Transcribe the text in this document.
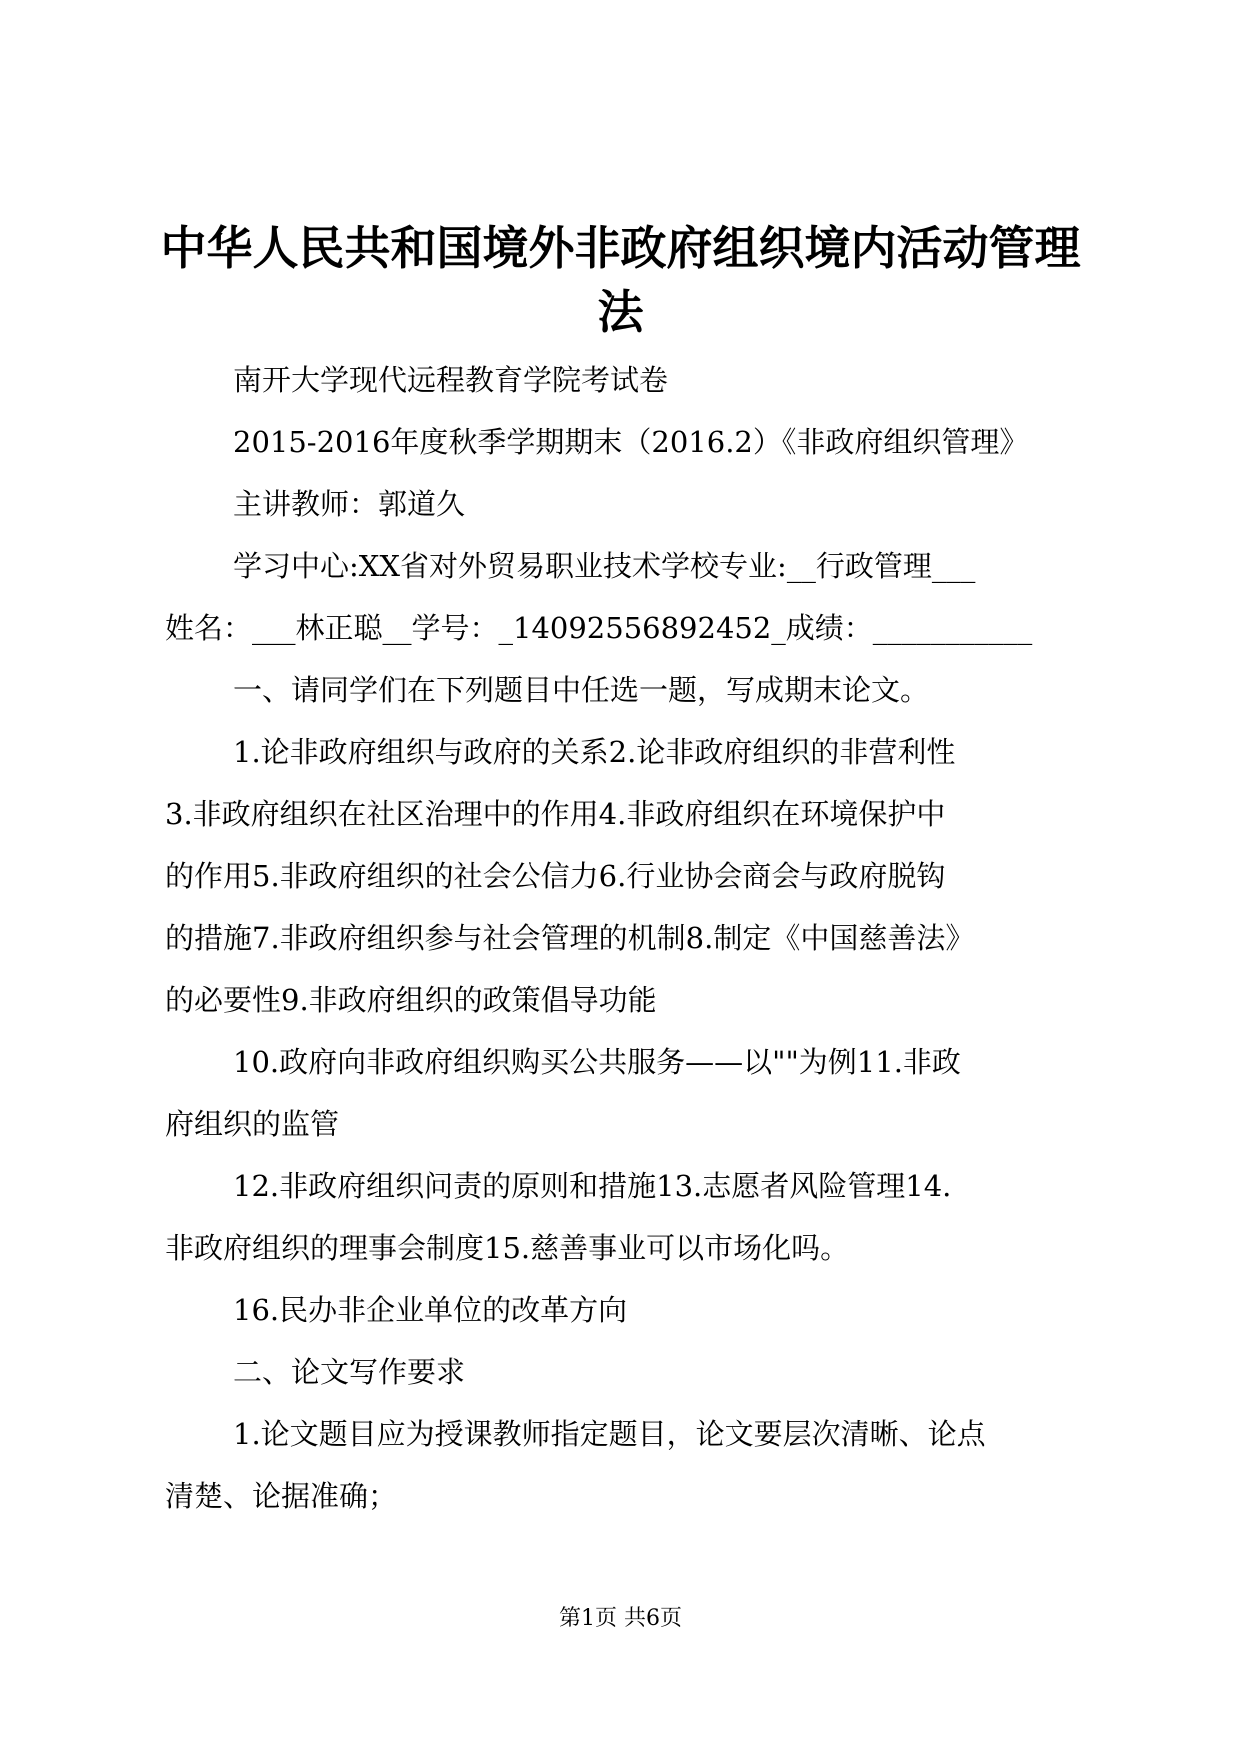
中华人民共和国境外非政府组织境内活动管理
法
南开大学现代远程教育学院考试卷
2015-2016年度秋季学期期末（2016.2）《非政府组织管理》
主讲教师：郭道久
学习中心:XX省对外贸易职业技术学校专业:__行政管理___
姓名：___林正聪__学号：_14092556892452_成绩：___________
一、请同学们在下列题目中任选一题，写成期末论文。
1.论非政府组织与政府的关系2.论非政府组织的非营利性
3.非政府组织在社区治理中的作用4.非政府组织在环境保护中
的作用5.非政府组织的社会公信力6.行业协会商会与政府脱钩
的措施7.非政府组织参与社会管理的机制8.制定《中国慈善法》
的必要性9.非政府组织的政策倡导功能
10.政府向非政府组织购买公共服务——以""为例11.非政
府组织的监管
12.非政府组织问责的原则和措施13.志愿者风险管理14.
非政府组织的理事会制度15.慈善事业可以市场化吗。
16.民办非企业单位的改革方向
二、论文写作要求
1.论文题目应为授课教师指定题目，论文要层次清晰、论点
清楚、论据准确；
第1页 共6页
